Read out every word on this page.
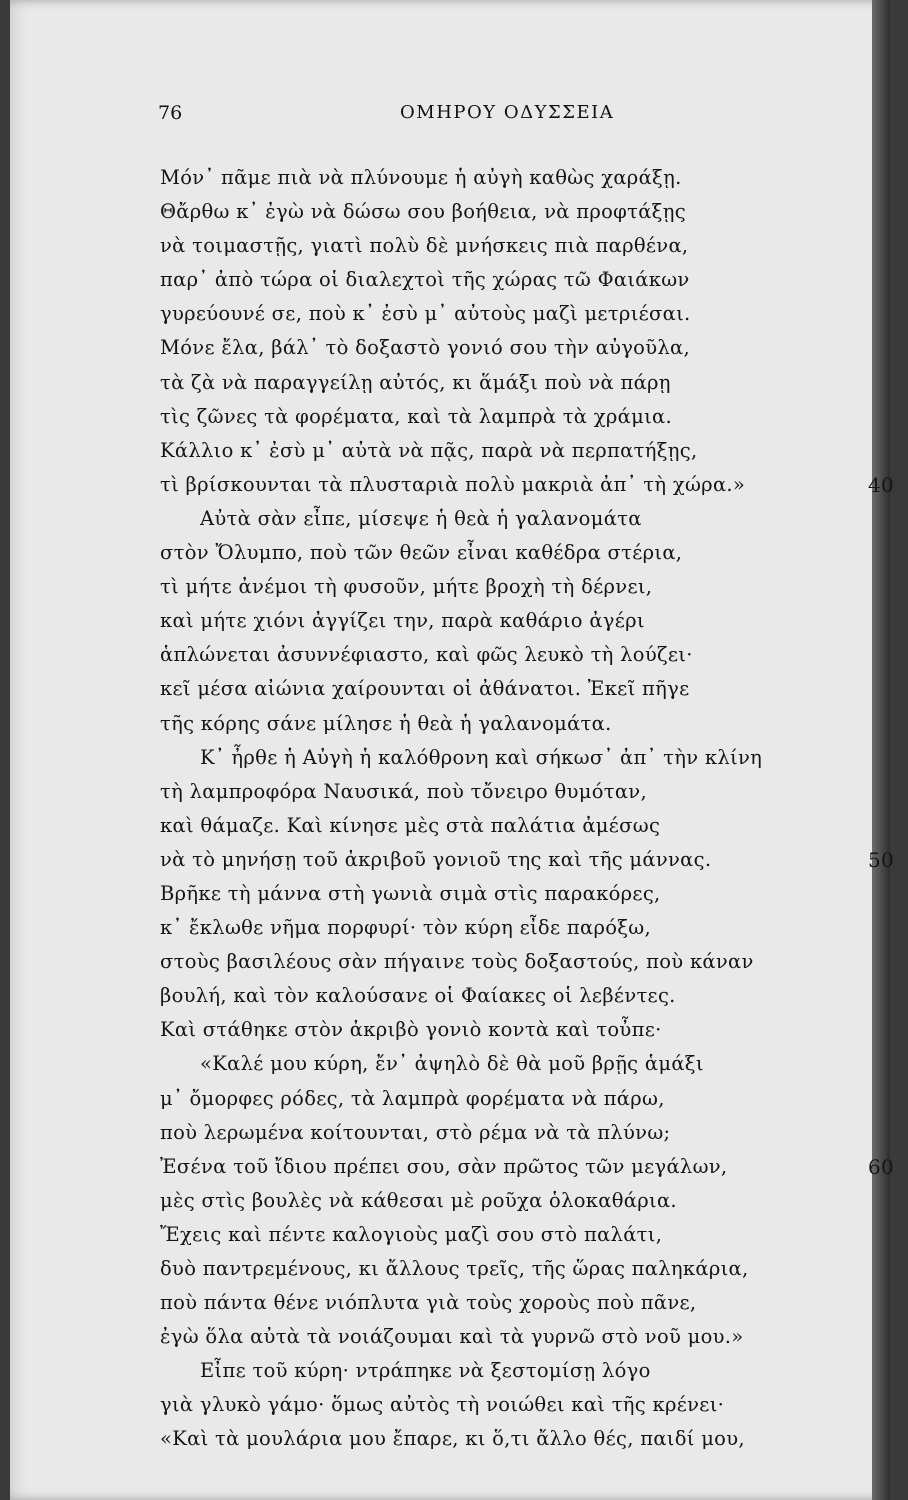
76	ΟΜΗΡΟΥ ΟΔΥΣΣΕΙΑ
Μόν᾽ πᾶμε πιὰ νὰ πλύνουμε ἡ αὐγὴ καθὼς χαράξῃ.
Θἄρθω κ᾽ ἐγὼ νὰ δώσω σου βοήθεια, νὰ προφτάξῃς
νὰ τοιμαστῇς, γιατὶ πολὺ δὲ μνήσκεις πιὰ παρθένα,
παρ᾽ ἀπὸ τώρα οἱ διαλεχτοὶ τῆς χώρας τῶ Φαιάκων
γυρεύουνέ σε, ποὺ κ᾽ ἐσὺ μ᾽ αὐτοὺς μαζὶ μετριέσαι.
Μόνε ἔλα, βάλ᾽ τὸ δοξαστὸ γονιό σου τὴν αὐγοῦλα,
τὰ ζὰ νὰ παραγγείλῃ αὐτός, κι ἅμάξι ποὺ νὰ πάρῃ
τὶς ζῶνες τὰ φορέματα, καὶ τὰ λαμπρὰ τὰ χράμια.
Κάλλιο κ᾽ ἐσὺ μ᾽ αὐτὰ νὰ πᾷς, παρὰ νὰ περπατήξῃς,
τὶ βρίσκουνται τὰ πλυσταριὰ πολὺ μακριὰ ἀπ᾽ τὴ χώρα.»	40
Αὐτὰ σὰν εἶπε, μίσεψε ἡ θεὰ ἡ γαλανομάτα
στὸν Ὄλυμπο, ποὺ τῶν θεῶν εἶναι καθέδρα στέρια,
τὶ μήτε ἀνέμοι τὴ φυσοῦν, μήτε βροχὴ τὴ δέρνει,
καὶ μήτε χιόνι ἀγγίζει την, παρὰ καθάριο ἀγέρι
ἁπλώνεται ἀσυννέφιαστο, καὶ φῶς λευκὸ τὴ λούζει·
κεῖ μέσα αἰώνια χαίρουνται οἱ ἀθάνατοι. Ἐκεῖ πῆγε
τῆς κόρης σάνε μίλησε ἡ θεὰ ἡ γαλανομάτα.
Κ᾽ ἦρθε ἡ Αὐγὴ ἡ καλόθρονη καὶ σήκωσ᾽ ἀπ᾽ τὴν κλίνη
τὴ λαμπροφόρα Ναυσικά, ποὺ τὄνειρο θυμόταν,
καὶ θάμαζε. Καὶ κίνησε μὲς στὰ παλάτια ἀμέσως
νὰ τὸ μηνήσῃ τοῦ ἀκριβοῦ γονιοῦ της καὶ τῆς μάννας.	50
Βρῆκε τὴ μάννα στὴ γωνιὰ σιμὰ στὶς παρακόρες,
κ᾽ ἔκλωθε νῆμα πορφυρί· τὸν κύρη εἶδε παρόξω,
στοὺς βασιλέους σὰν πήγαινε τοὺς δοξαστούς, ποὺ κάναν
βουλή, καὶ τὸν καλούσανε οἱ Φαίακες οἱ λεβέντες.
Καὶ στάθηκε στὸν ἀκριβὸ γονιὸ κοντὰ καὶ τοὖπε·
«Καλέ μου κύρη, ἔν᾽ ἀψηλὸ δὲ θὰ μοῦ βρῇς ἁμάξι
μ᾽ ὄμορφες ρόδες, τὰ λαμπρὰ φορέματα νὰ πάρω,
ποὺ λερωμένα κοίτουνται, στὸ ρέμα νὰ τὰ πλύνω;
Ἐσένα τοῦ ἴδιου πρέπει σου, σὰν πρῶτος τῶν μεγάλων,	60
μὲς στὶς βουλὲς νὰ κάθεσαι μὲ ροῦχα ὁλοκαθάρια.
Ἔχεις καὶ πέντε καλογιοὺς μαζὶ σου στὸ παλάτι,
δυὸ παντρεμένους, κι ἄλλους τρεῖς, τῆς ὥρας παληκάρια,
ποὺ πάντα θένε νιόπλυτα γιὰ τοὺς χοροὺς ποὺ πᾶνε,
ἐγὼ ὅλα αὐτὰ τὰ νοιάζουμαι καὶ τὰ γυρνῶ στὸ νοῦ μου.»
Εἶπε τοῦ κύρη· ντράπηκε νὰ ξεστομίσῃ λόγο
γιὰ γλυκὸ γάμο· ὅμως αὐτὸς τὴ νοιώθει καὶ τῆς κρένει·
«Καὶ τὰ μουλάρια μου ἔπαρε, κι ὅ,τι ἄλλο θές, παιδί μου,
